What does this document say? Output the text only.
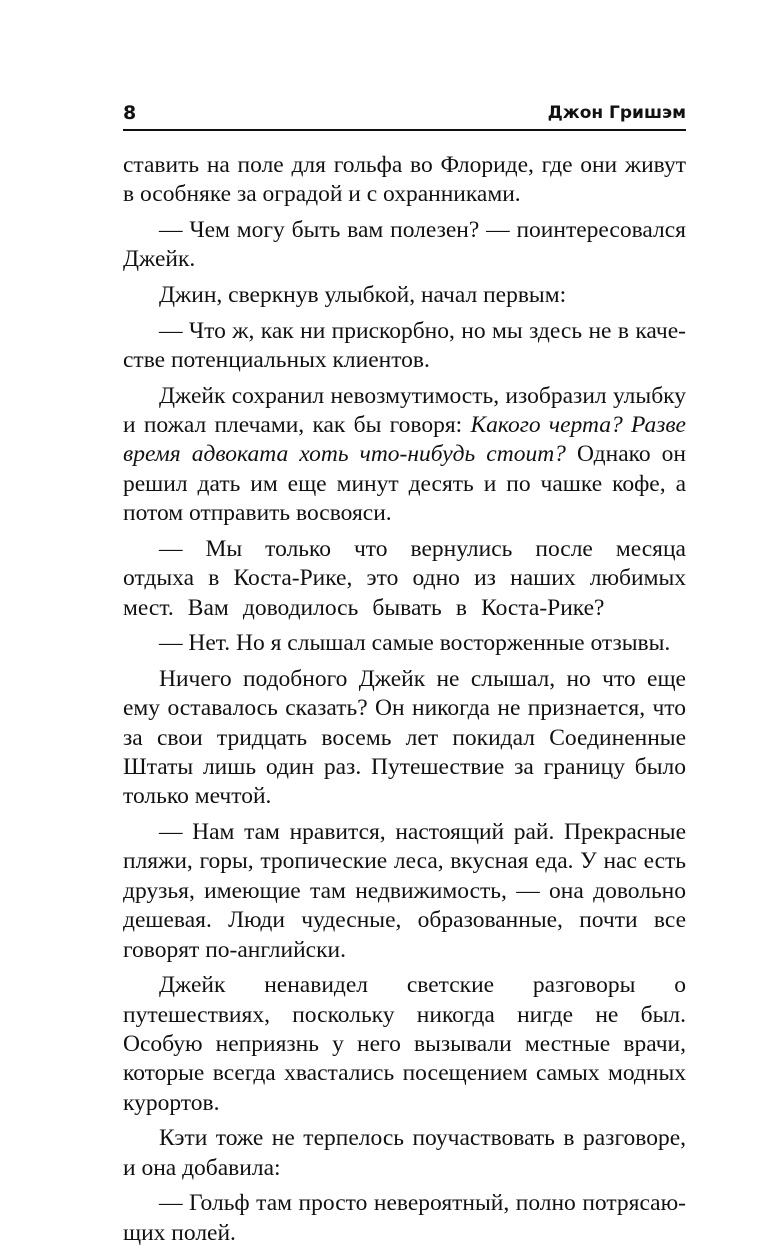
8	Джон Гришэм

ставить на поле для гольфа во Флориде, где они живут в особняке за оградой и с охранниками.

— Чем могу быть вам полезен? — поинтересовался Джейк.

Джин, сверкнув улыбкой, начал первым:

— Что ж, как ни прискорбно, но мы здесь не в качестве потенциальных клиентов.

Джейк сохранил невозмутимость, изобразил улыбку и пожал плечами, как бы говоря: Какого черта? Разве время адвоката хоть что-нибудь стоит? Однако он решил дать им еще минут десять и по чашке кофе, а потом отправить восвояси.

— Мы только что вернулись после месяца отдыха в Коста-Рике, это одно из наших любимых мест. Вам доводилось бывать в Коста-Рике?

— Нет. Но я слышал самые восторженные отзывы.

Ничего подобного Джейк не слышал, но что еще ему оставалось сказать? Он никогда не признается, что за свои тридцать восемь лет покидал Соединенные Штаты лишь один раз. Путешествие за границу было только мечтой.

— Нам там нравится, настоящий рай. Прекрасные пляжи, горы, тропические леса, вкусная еда. У нас есть друзья, имеющие там недвижимость, — она довольно дешевая. Люди чудесные, образованные, почти все говорят по-английски.

Джейк ненавидел светские разговоры о путешествиях, поскольку никогда нигде не был. Особую неприязнь у него вызывали местные врачи, которые всегда хвастались посещением самых модных курортов.

Кэти тоже не терпелось поучаствовать в разговоре, и она добавила:

— Гольф там просто невероятный, полно потрясающих полей.
